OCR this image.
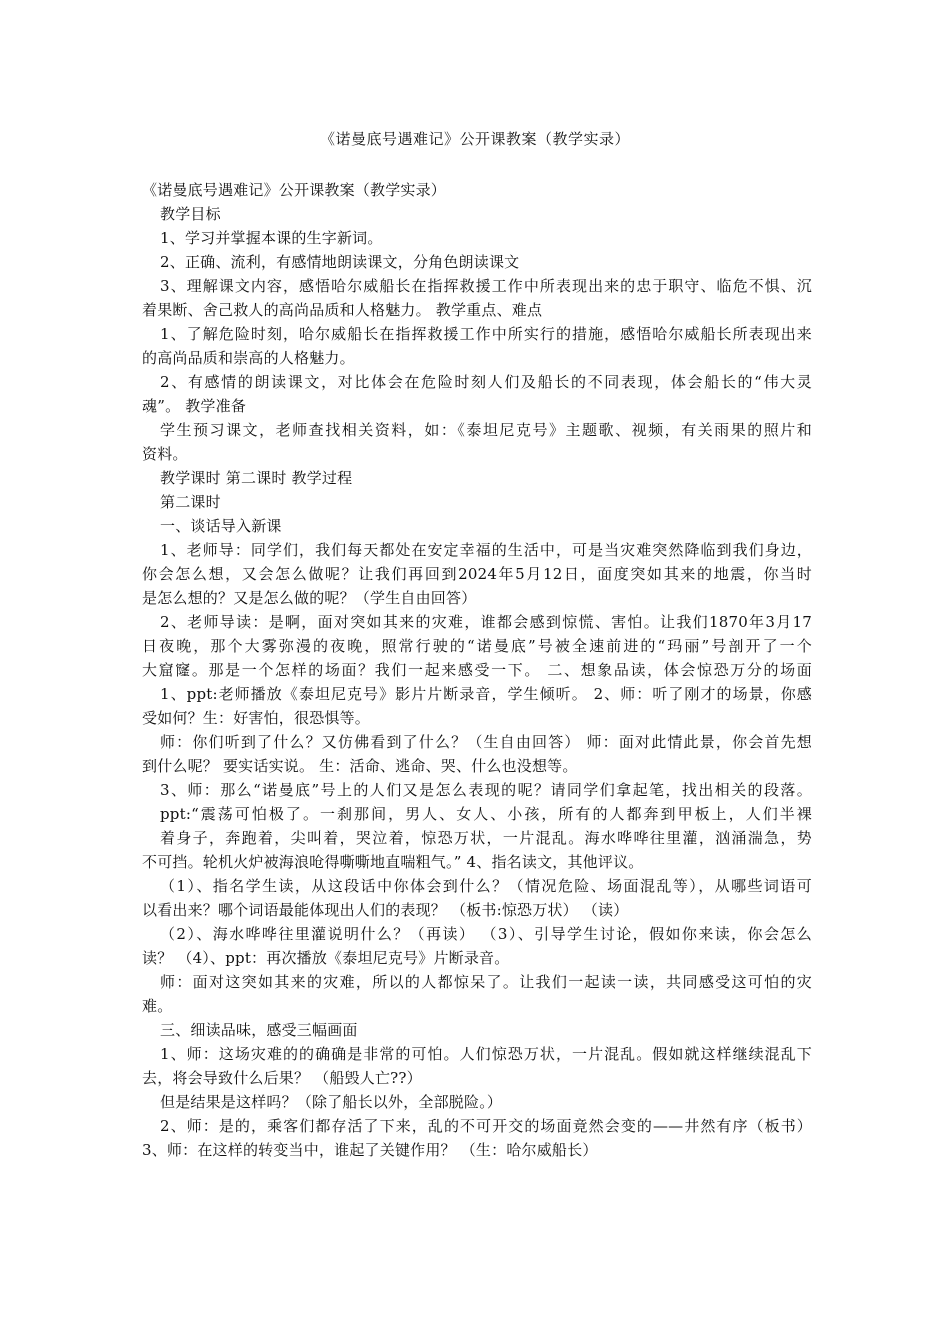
《诺曼底号遇难记》公开课教案（教学实录）
《诺曼底号遇难记》公开课教案（教学实录）
教学目标
1、学习并掌握本课的生字新词。
2、正确、流利，有感情地朗读课文，分角色朗读课文
3、理解课文内容，感悟哈尔威船长在指挥救援工作中所表现出来的忠于职守、临危不惧、沉
着果断、舍己救人的高尚品质和人格魅力。 教学重点、难点
1、了解危险时刻，哈尔威船长在指挥救援工作中所实行的措施，感悟哈尔威船长所表现出来
的高尚品质和崇高的人格魅力。
2、有感情的朗读课文，对比体会在危险时刻人们及船长的不同表现，体会船长的“伟大灵
魂”。 教学准备
学生预习课文，老师查找相关资料，如：《泰坦尼克号》主题歌、视频，有关雨果的照片和
资料。
教学课时 第二课时 教学过程
第二课时
一、谈话导入新课
1、老师导：同学们，我们每天都处在安定幸福的生活中，可是当灾难突然降临到我们身边，
你会怎么想，又会怎么做呢？让我们再回到2024年5月12日，面度突如其来的地震，你当时
是怎么想的？又是怎么做的呢？（学生自由回答）
2、老师导读：是啊，面对突如其来的灾难，谁都会感到惊慌、害怕。让我们1870年3月17
日夜晚，那个大雾弥漫的夜晚，照常行驶的“诺曼底”号被全速前进的“玛丽”号剖开了一个
大窟窿。那是一个怎样的场面？我们一起来感受一下。 二、想象品读，体会惊恐万分的场面
1、ppt:老师播放《泰坦尼克号》影片片断录音，学生倾听。 2、师：听了刚才的场景，你感
受如何？生：好害怕，很恐惧等。
师：你们听到了什么？又仿佛看到了什么？（生自由回答） 师：面对此情此景，你会首先想
到什么呢？ 要实话实说。 生：活命、逃命、哭、什么也没想等。
3、师：那么“诺曼底”号上的人们又是怎么表现的呢？请同学们拿起笔，找出相关的段落。
ppt:“震荡可怕极了。一刹那间，男人、女人、小孩，所有的人都奔到甲板上，人们半裸
着身子，奔跑着，尖叫着，哭泣着，惊恐万状，一片混乱。海水哗哗往里灌，汹涌湍急，势
不可挡。轮机火炉被海浪呛得嘶嘶地直喘粗气。” 4、指名读文，其他评议。
（1）、指名学生读，从这段话中你体会到什么？（情况危险、场面混乱等），从哪些词语可
以看出来？哪个词语最能体现出人们的表现？ （板书:惊恐万状） （读）
（2）、海水哗哗往里灌说明什么？（再读） （3）、引导学生讨论，假如你来读，你会怎么
读？ （4）、ppt：再次播放《泰坦尼克号》片断录音。
师：面对这突如其来的灾难，所以的人都惊呆了。让我们一起读一读，共同感受这可怕的灾
难。
三、细读品味，感受三幅画面
1、师：这场灾难的的确确是非常的可怕。人们惊恐万状，一片混乱。假如就这样继续混乱下
去，将会导致什么后果？ （船毁人亡??）
但是结果是这样吗？（除了船长以外，全部脱险。）
2、师：是的，乘客们都存活了下来，乱的不可开交的场面竟然会变的——井然有序（板书）
3、师：在这样的转变当中，谁起了关键作用？ （生：哈尔威船长）
